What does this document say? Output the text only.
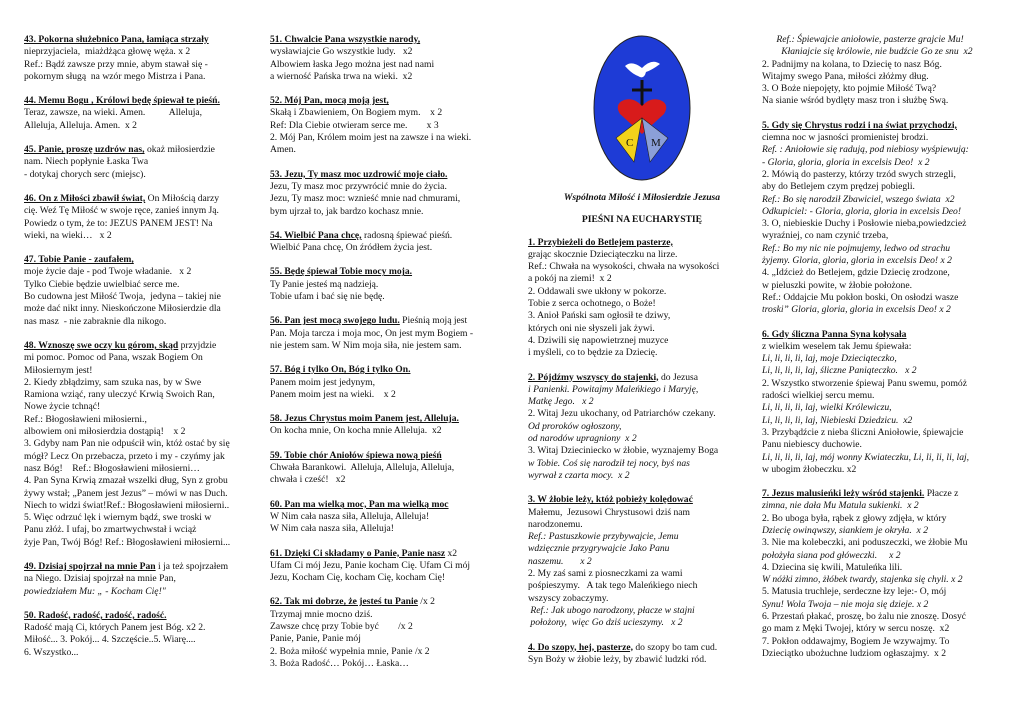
43. Pokorna służebnico Pana, łamiąca strzały
nieprzyjaciela,  miażdżąca głowę węża. x 2
Ref.: Bądź zawsze przy mnie, abym stawał się -
pokornym sługą  na wzór mego Mistrza i Pana.
44. Memu Bogu , Królowi będę śpiewał te pieśń.
Teraz, zawsze, na wieki. Amen.          Alleluja,
Alleluja, Alleluja. Amen.  x 2
45. Panie, proszę uzdrów nas, okaż miłosierdzie
nam. Niech popłynie Łaska Twa
- dotykaj chorych serc (miejsc).
46. On z Miłości zbawił świat, On Miłością darzy
cię. Weź Tę Miłość w swoje ręce, zanieś innym Ją.
Powiedz o tym, że to: JEZUS PANEM JEST! Na
wieki, na wieki…   x 2
47. Tobie Panie - zaufałem,
moje życie daje - pod Twoje władanie.   x 2
Tylko Ciebie będzie uwielbiać serce me.
Bo cudowna jest Miłość Twoja,  jedyna – takiej nie
może dać nikt inny. Nieskończone Miłosierdzie dla
nas masz  - nie zabraknie dla nikogo.
48. Wznoszę swe oczy ku górom, skąd przyjdzie
mi pomoc. Pomoc od Pana, wszak Bogiem On
Miłosiernym jest!
2. Kiedy zbłądzimy, sam szuka nas, by w Swe
Ramiona wziąć, rany uleczyć Krwią Swoich Ran,
Nowe życie tchnąć!
Ref.: Błogosławieni miłosierni.,
albowiem oni miłosierdzia dostąpią!    x 2
3. Gdyby nam Pan nie odpuścił win, któż ostać by się
mógł? Lecz On przebacza, przeto i my - czyńmy jak
nasz Bóg!    Ref.: Błogosławieni miłosierni…
4. Pan Syna Krwią zmazał wszelki dług, Syn z grobu
żywy wstał; „Panem jest Jezus” – mówi w nas Duch.
Niech to widzi świat!Ref.: Błogosławieni miłosierni..
5. Więc odrzuć lęk i wiernym bądź, swe troski w
Panu złóż. I ufaj, bo zmartwychwstał i wciąż
żyje Pan, Twój Bóg! Ref.: Błogosławieni miłosierni...
49. Dzisiaj spojrzał na mnie Pan i ja też spojrzałem
na Niego. Dzisiaj spojrzał na mnie Pan,
powiedziałem Mu: „ - Kocham Cię!"
50. Radość, radość, radość, radość.
Radość mają Ci, których Panem jest Bóg. x2 2.
Miłość... 3. Pokój... 4. Szczęście..5. Wiarę....
6. Wszystko...
51. Chwalcie Pana wszystkie narody,
wysławiajcie Go wszystkie ludy.   x2
Albowiem łaska Jego można jest nad nami
a wierność Pańska trwa na wieki.  x2
52. Mój Pan, mocą moją jest,
Skałą i Zbawieniem, On Bogiem mym.    x 2
Ref: Dla Ciebie otwieram serce me.        x 3
2. Mój Pan, Królem moim jest na zawsze i na wieki.
Amen.
53. Jezu, Ty masz moc uzdrowić moje ciało.
Jezu, Ty masz moc przywrócić mnie do życia.
Jezu, Ty masz moc: wznieść mnie nad chmurami,
bym ujrzał to, jak bardzo kochasz mnie.
54. Wielbić Pana chcę, radosną śpiewać pieśń.
Wielbić Pana chcę, On źródłem życia jest.
55. Będę śpiewał Tobie mocy moja.
Ty Panie jesteś mą nadzieją.
Tobie ufam i bać się nie będę.
56. Pan jest mocą swojego ludu. Pieśnią moją jest
Pan. Moja tarcza i moja moc, On jest mym Bogiem -
nie jestem sam. W Nim moja siła, nie jestem sam.
57. Bóg i tylko On, Bóg i tylko On.
Panem moim jest jedynym,
Panem moim jest na wieki.    x 2
58. Jezus Chrystus moim Panem jest, Alleluja.
On kocha mnie, On kocha mnie Alleluja.  x2
59. Tobie chór Aniołów śpiewa nową pieśń
Chwała Barankowi.  Alleluja, Alleluja, Alleluja,
chwała i cześć!   x2
60. Pan ma wielką moc, Pan ma wielką moc
W Nim cała nasza siła, Alleluja, Alleluja!
W Nim cała nasza siła, Alleluja!
61. Dzięki Ci składamy o Panie, Panie nasz x2
Ufam Ci mój Jezu, Panie kocham Cię. Ufam Ci mój
Jezu, Kocham Cię, kocham Cię, kocham Cię!
62. Tak mi dobrze, że jesteś tu Panie /x 2
Trzymaj mnie mocno dziś.
Zawsze chcę przy Tobie być        /x 2
Panie, Panie, Panie mój
2. Boża miłość wypełnia mnie, Panie /x 2
3. Boża Radość… Pokój… Łaska…
C M
Wspólnota Miłość i Miłosierdzie Jezusa
PIEŚNI NA EUCHARYSTIĘ
1. Przybieżeli do Betlejem pasterze,
grając skocznie Dzieciąteczku na lirze.
Ref.: Chwała na wysokości, chwała na wysokości
a pokój na ziemi!  x 2
2. Oddawali swe ukłony w pokorze.
Tobie z serca ochotnego, o Boże!
3. Anioł Pański sam ogłosił te dziwy,
których oni nie słyszeli jak żywi.
4. Dziwili się napowietrznej muzyce
i myśleli, co to będzie za Dziecię.
2. Pójdźmy wszyscy do stajenki, do Jezusa
i Panienki. Powitajmy Maleńkiego i Maryję,
Matkę Jego.   x 2
2. Witaj Jezu ukochany, od Patriarchów czekany.
Od proroków ogłoszony,
od narodów upragniony  x 2
3. Witaj Dzieciniecko w żłobie, wyznajemy Boga
w Tobie. Coś się narodził tej nocy, byś nas
wyrwał z czarta mocy.  x 2
3. W żłobie leży, któż pobieży kolędować
Małemu,  Jezusowi Chrystusowi dziś nam
narodzonemu.
Ref.: Pastuszkowie przybywajcie, Jemu
wdzięcznie przygrywajcie Jako Panu
naszemu.       x 2
2. My zaś sami z piosneczkami za wami
pośpieszymy.   A tak tego Maleńkiego niech
wszyscy zobaczymy.
Ref.: Jak ubogo narodzony, płacze w stajni
położony,  więc Go dziś ucieszymy.   x 2
4. Do szopy, hej, pasterze, do szopy bo tam cud.
Syn Boży w żłobie leży, by zbawić ludzki ród.
Ref.: Śpiewajcie aniołowie, pasterze grajcie Mu!
Kłaniajcie się królowie, nie budźcie Go ze snu  x2
2. Padnijmy na kolana, to Dziecię to nasz Bóg.
Witajmy swego Pana, miłości złóżmy dług.
3. O Boże niepojęty, kto pojmie Miłość Twą?
Na sianie wśród bydlęty masz tron i służbę Swą.
5. Gdy się Chrystus rodzi i na świat przychodzi,
ciemna noc w jasności promienistej brodzi.
Ref. : Aniołowie się radują, pod niebiosy wyśpiewują:
- Gloria, gloria, gloria in excelsis Deo!  x 2
2. Mówią do pasterzy, którzy trzód swych strzegli,
aby do Betlejem czym prędzej pobiegli.
Ref.: Bo się narodził Zbawiciel, wszego świata  x2
Odkupiciel: - Gloria, gloria, gloria in excelsis Deo!
3. O, niebieskie Duchy i Posłowie nieba,powiedzcież
wyraźniej, co nam czynić trzeba,
Ref.: Bo my nic nie pojmujemy, ledwo od strachu
żyjemy. Gloria, gloria, gloria in excelsis Deo! x 2
4. „Idźcież do Betlejem, gdzie Dziecię zrodzone,
w pieluszki powite, w żłobie położone.
Ref.: Oddajcie Mu pokłon boski, On osłodzi wasze
troski” Gloria, gloria, gloria in excelsis Deo! x 2
6. Gdy śliczna Panna Syna kołysała
z wielkim weselem tak Jemu śpiewała:
Li, li, li, li, laj, moje Dzieciąteczko,
Li, li, li, li, laj, śliczne Paniąteczko.   x 2
2. Wszystko stworzenie śpiewaj Panu swemu, pomóż
radości wielkiej sercu memu.
Li, li, li, li, laj, wielki Królewiczu,
Li, li, li, li, laj, Niebieski Dziedzicu.  x2
3. Przybądźcie z nieba śliczni Aniołowie, śpiewajcie
Panu niebiescy duchowie.
Li, li, li, li, laj, mój wonny Kwiateczku, Li, li, li, li, laj,
w ubogim żłobeczku. x2
7. Jezus malusieńki leży wśród stajenki. Płacze z
zimna, nie dała Mu Matula sukienki.  x 2
2. Bo uboga była, rąbek z głowy zdjęła, w który
Dziecię owinąwszy, siankiem je okryła.  x 2
3. Nie ma kolebeczki, ani poduszeczki, we żłobie Mu
położyła siana pod główeczki.     x 2
4. Dziecina się kwili, Matuleńka lili.
W nóżki zimno, żłóbek twardy, stajenka się chyli. x 2
5. Matusia truchleje, serdeczne łzy leje:- O, mój
Synu! Wola Twoja – nie moja się dzieje. x 2
6. Przestań płakać, proszę, bo żalu nie znoszę. Dosyć
go mam z Męki Twojej, który w sercu noszę.  x2
7. Pokłon oddawajmy, Bogiem Je wzywajmy. To
Dzieciątko ubożuchne ludziom ogłaszajmy.  x 2
